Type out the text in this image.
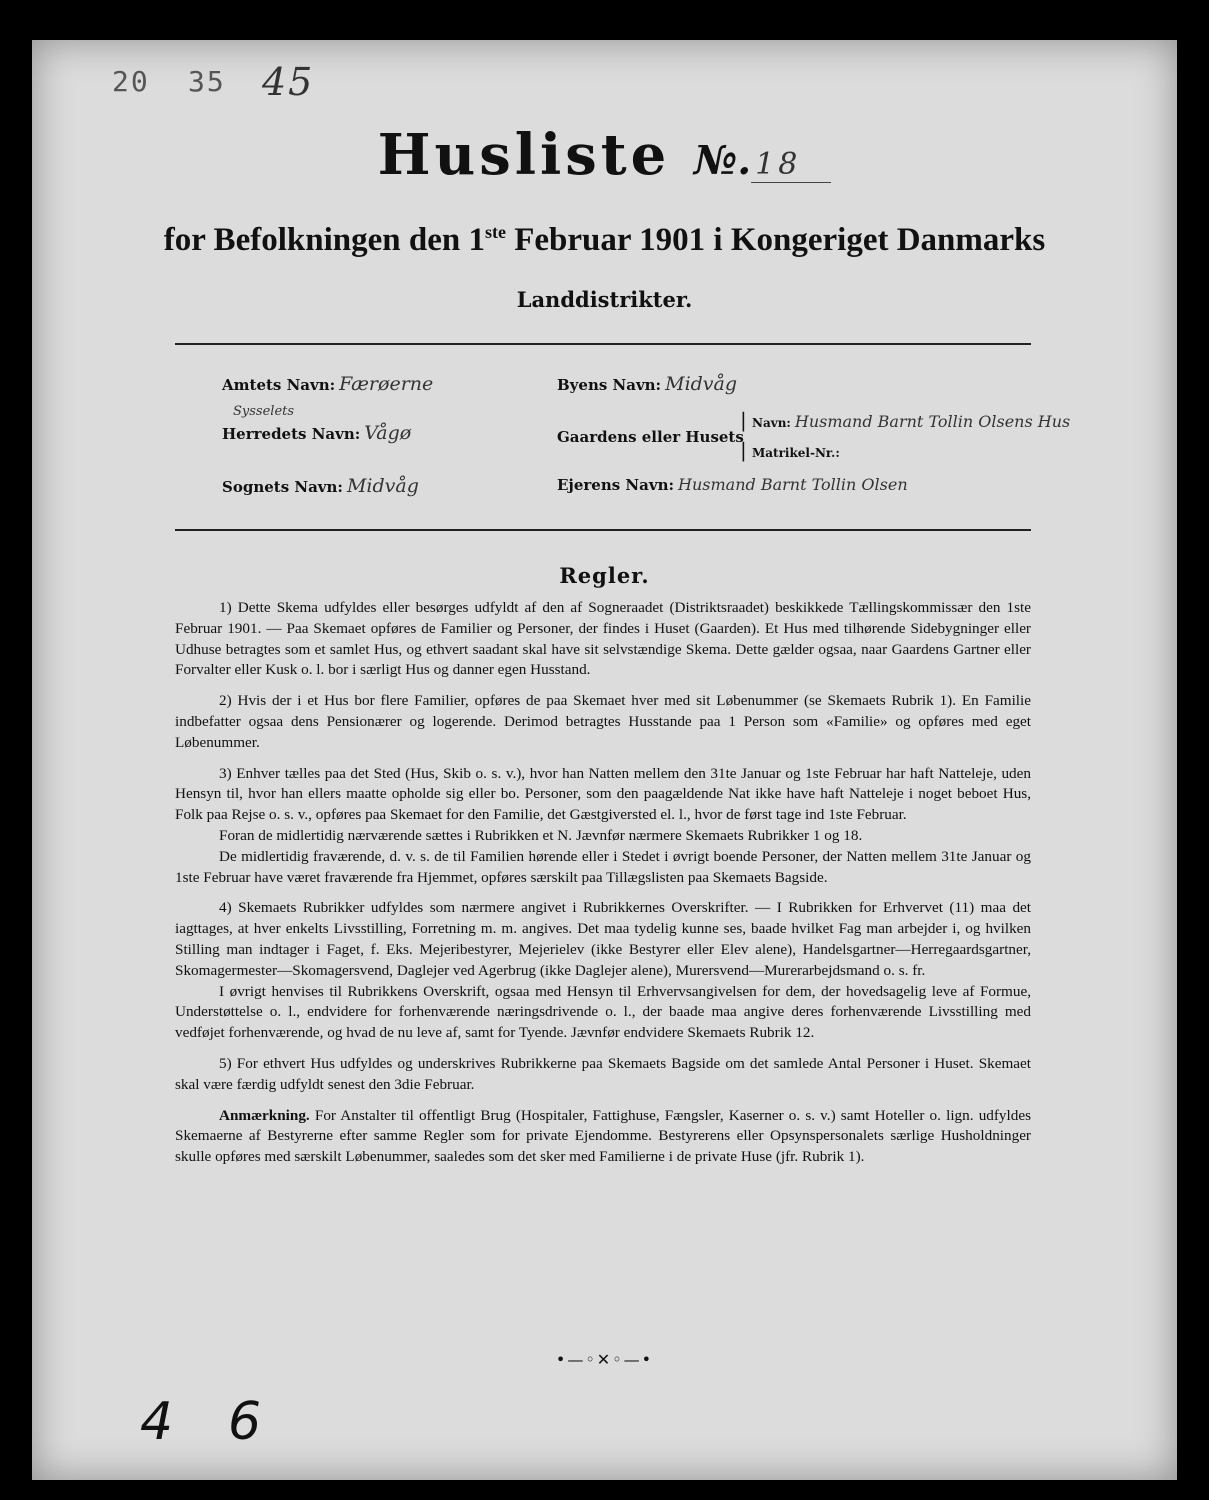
20 35 45
Husliste №. 18
for Befolkningen den 1ste Februar 1901 i Kongeriget Danmarks
Landdistrikter.
Amtets Navn: Færøerne
Sysselets
Herredets Navn: Vågø
Sognets Navn: Midvåg
Byens Navn: Midvåg
Gaardens eller Husets
| Navn: Husmand Barnt Tollin Olsens Hus
| Matrikel-Nr.:
Ejerens Navn: Husmand Barnt Tollin Olsen
Regler.

1) Dette Skema udfyldes eller besørges udfyldt af den af Sogneraadet (Distriktsraadet) beskikkede Tællingskommissær den 1ste Februar 1901. — Paa Skemaet opføres de Familier og Personer, der findes i Huset (Gaarden). Et Hus med tilhørende Sidebygninger eller Udhuse betragtes som et samlet Hus, og ethvert saadant skal have sit selvstændige Skema. Dette gælder ogsaa, naar Gaardens Gartner eller Forvalter eller Kusk o. l. bor i særligt Hus og danner egen Husstand.

2) Hvis der i et Hus bor flere Familier, opføres de paa Skemaet hver med sit Løbenummer (se Skemaets Rubrik 1). En Familie indbefatter ogsaa dens Pensionærer og logerende. Derimod betragtes Husstande paa 1 Person som «Familie» og opføres med eget Løbenummer.

3) Enhver tælles paa det Sted (Hus, Skib o. s. v.), hvor han Natten mellem den 31te Januar og 1ste Februar har haft Natteleje, uden Hensyn til, hvor han ellers maatte opholde sig eller bo. Personer, som den paagældende Nat ikke have haft Natteleje i noget beboet Hus, Folk paa Rejse o. s. v., opføres paa Skemaet for den Familie, det Gæstgiversted el. l., hvor de først tage ind 1ste Februar.

Foran de midlertidig nærværende sættes i Rubrikken et N. Jævnfør nærmere Skemaets Rubrikker 1 og 18.

De midlertidig fraværende, d. v. s. de til Familien hørende eller i Stedet i øvrigt boende Personer, der Natten mellem 31te Januar og 1ste Februar have været fraværende fra Hjemmet, opføres særskilt paa Tillægslisten paa Skemaets Bagside.

4) Skemaets Rubrikker udfyldes som nærmere angivet i Rubrikkernes Overskrifter. — I Rubrikken for Erhvervet (11) maa det iagttages, at hver enkelts Livsstilling, Forretning m. m. angives. Det maa tydelig kunne ses, baade hvilket Fag man arbejder i, og hvilken Stilling man indtager i Faget, f. Eks. Mejeribestyrer, Mejerielev (ikke Bestyrer eller Elev alene), Handelsgartner—Herregaardsgartner, Skomagermester—Skomagersvend, Daglejer ved Agerbrug (ikke Daglejer alene), Murersvend—Murerarbejdsmand o. s. fr.

I øvrigt henvises til Rubrikkens Overskrift, ogsaa med Hensyn til Erhvervsangivelsen for dem, der hovedsagelig leve af Formue, Understøttelse o. l., endvidere for forhenværende næringsdrivende o. l., der baade maa angive deres forhenværende Livsstilling med vedføjet forhenværende, og hvad de nu leve af, samt for Tyende. Jævnfør endvidere Skemaets Rubrik 12.

5) For ethvert Hus udfyldes og underskrives Rubrikkerne paa Skemaets Bagside om det samlede Antal Personer i Huset. Skemaet skal være færdig udfyldt senest den 3die Februar.

Anmærkning. For Anstalter til offentligt Brug (Hospitaler, Fattighuse, Fængsler, Kaserner o. s. v.) samt Hoteller o. lign. udfyldes Skemaerne af Bestyrerne efter samme Regler som for private Ejendomme. Bestyrerens eller Opsynspersonalets særlige Husholdninger skulle opføres med særskilt Løbenummer, saaledes som det sker med Familierne i de private Huse (jfr. Rubrik 1).

•—◦✕◦—•
4 6
